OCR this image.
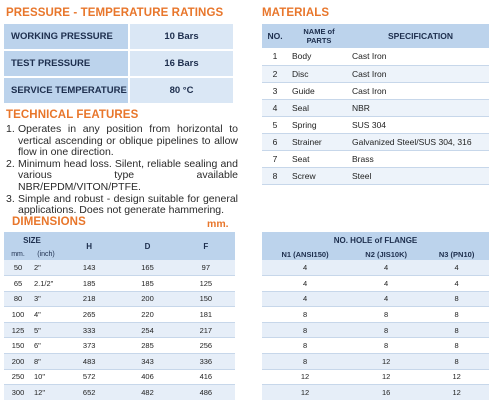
PRESSURE - TEMPERATURE RATINGS
WORKING PRESSURE	10 Bars
TEST PRESSURE	16 Bars
SERVICE TEMPERATURE	80 °C
MATERIALS
NO.	NAME of PARTS	SPECIFICATION
1	Body	Cast Iron
2	Disc	Cast Iron
3	Guide	Cast Iron
4	Seal	NBR
5	Spring	SUS 304
6	Strainer	Galvanized Steel/SUS 304, 316
7	Seat	Brass
8	Screw	Steel
TECHNICAL FEATURES
1. Operates in any position from horizontal to vertical ascending or oblique pipelines to allow flow in one direction.
2. Minimum head loss. Silent, reliable sealing and various type available NBR/EPDM/VITON/PTFE.
3. Simple and robust - design suitable for general applications. Does not generate hammering.
DIMENSIONS	mm.
SIZE		H	D	F
mm.	(inch)			
50	2"	143	165	97
65	2.1/2"	185	185	125
80	3"	218	200	150
100	4"	265	220	181
125	5"	333	254	217
150	6"	373	285	256
200	8"	483	343	336
250	10"	572	406	416
300	12"	652	482	486
NO. HOLE of FLANGE		
N1 (ANSI150)	N2 (JIS10K)	N3 (PN10)
4	4	4
4	4	4
4	4	8
8	8	8
8	8	8
8	8	8
8	12	8
12	12	12
12	16	12
